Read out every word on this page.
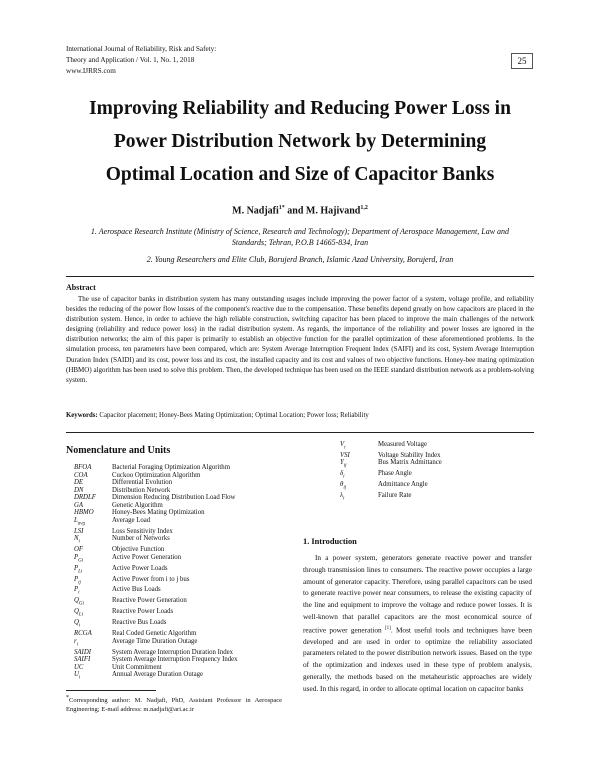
International Journal of Reliability, Risk and Safety:
Theory and Application / Vol. 1, No. 1, 2018
www.IJRRS.com
25
Improving Reliability and Reducing Power Loss in
Power Distribution Network by Determining
Optimal Location and Size of Capacitor Banks
M. Nadjafi$^{1*}$ and M. Hajivand$^{1,2}$
1. Aerospace Research Institute (Ministry of Science, Research and Technology); Department of Aerospace Management, Law and Standards; Tehran, P.O.B 14665-834, Iran
2. Young Researchers and Elite Club, Borujerd Branch, Islamic Azad University, Borujerd, Iran
Abstract
The use of capacitor banks in distribution system has many outstanding usages include improving the power factor of a system, voltage profile, and reliability besides the reducing of the power flow losses of the component's reactive due to the compensation. These benefits depend greatly on how capacitors are placed in the distribution system. Hence, in order to achieve the high reliable construction, switching capacitor has been placed to improve the main challenges of the network designing (reliability and reduce power loss) in the radial distribution system. As regards, the importance of the reliability and power losses are ignored in the distribution networks; the aim of this paper is primarily to establish an objective function for the parallel optimization of these aforementioned problems. In the simulation process, ten parameters have been compared, which are: System Average Interruption Frequent Index (SAIFI) and its cost, System Average Interruption Duration Index (SAIDI) and its cost, power loss and its cost, the installed capacity and its cost and values of two objective functions. Honey-bee mating optimization (HBMO) algorithm has been used to solve this problem. Then, the developed technique has been used on the IEEE standard distribution network as a problem-solving system.
Keywords: Capacitor placement; Honey-Bees Mating Optimization; Optimal Location; Power loss; Reliability
Nomenclature and Units
BFOA	Bacterial Foraging Optimization Algorithm
COA	Cuckoo Optimization Algorithm
DE	Differential Evolution
DN	Distribution Network
DRDLF	Dimension Reducing Distribution Load Flow
GA	Genetic Algorithm
HBMO	Honey-Bees Mating Optimization
$L_{avg}$	Average Load
LSI	Loss Sensitivity Index
$N_i$	Number of Networks
OF	Objective Function
$P_{Gi}$	Active Power Generation
$P_{Li}$	Active Power Loads
$P_{ij}$	Active Power from i to j bus
$P_i$	Active Bus Loads
$Q_{Gi}$	Reactive Power Generation
$Q_{Li}$	Reactive Power Loads
$Q_i$	Reactive Bus Loads
RCGA	Real Coded Genetic Algorithm
$r_i$	Average Time Duration Outage
SAIDI	System Average Interruption Duration Index
SAIFI	System Average Interruption Frequency Index
UC	Unit Commitment
$U_i$	Annual Average Duration Outage
$V_i$	Measured Voltage
VSI	Voltage Stability Index
$Y_{ij}$	Bus Matrix Admittance
$\delta_i$	Phase Angle
$\theta_{ij}$	Admittance Angle
$\lambda_i$	Failure Rate
1. Introduction
In a power system, generators generate reactive power and transfer through transmission lines to consumers. The reactive power occupies a large amount of generator capacity. Therefore, using parallel capacitors can be used to generate reactive power near consumers, to release the existing capacity of the line and equipment to improve the voltage and reduce power losses. It is well-known that parallel capacitors are the most economical source of reactive power generation [1]. Most useful tools and techniques have been developed and are used in order to optimize the reliability associated parameters related to the power distribution network issues. Based on the type of the optimization and indexes used in these type of problem analysis, generally, the methods based on the metaheuristic approaches are widely used. In this regard, in order to allocate optimal location on capacitor banks
*Corresponding author: M. Nadjafi, PhD, Assistant Professor in Aerospace Engineering; E-mail address: m.nadjafi@ari.ac.ir
